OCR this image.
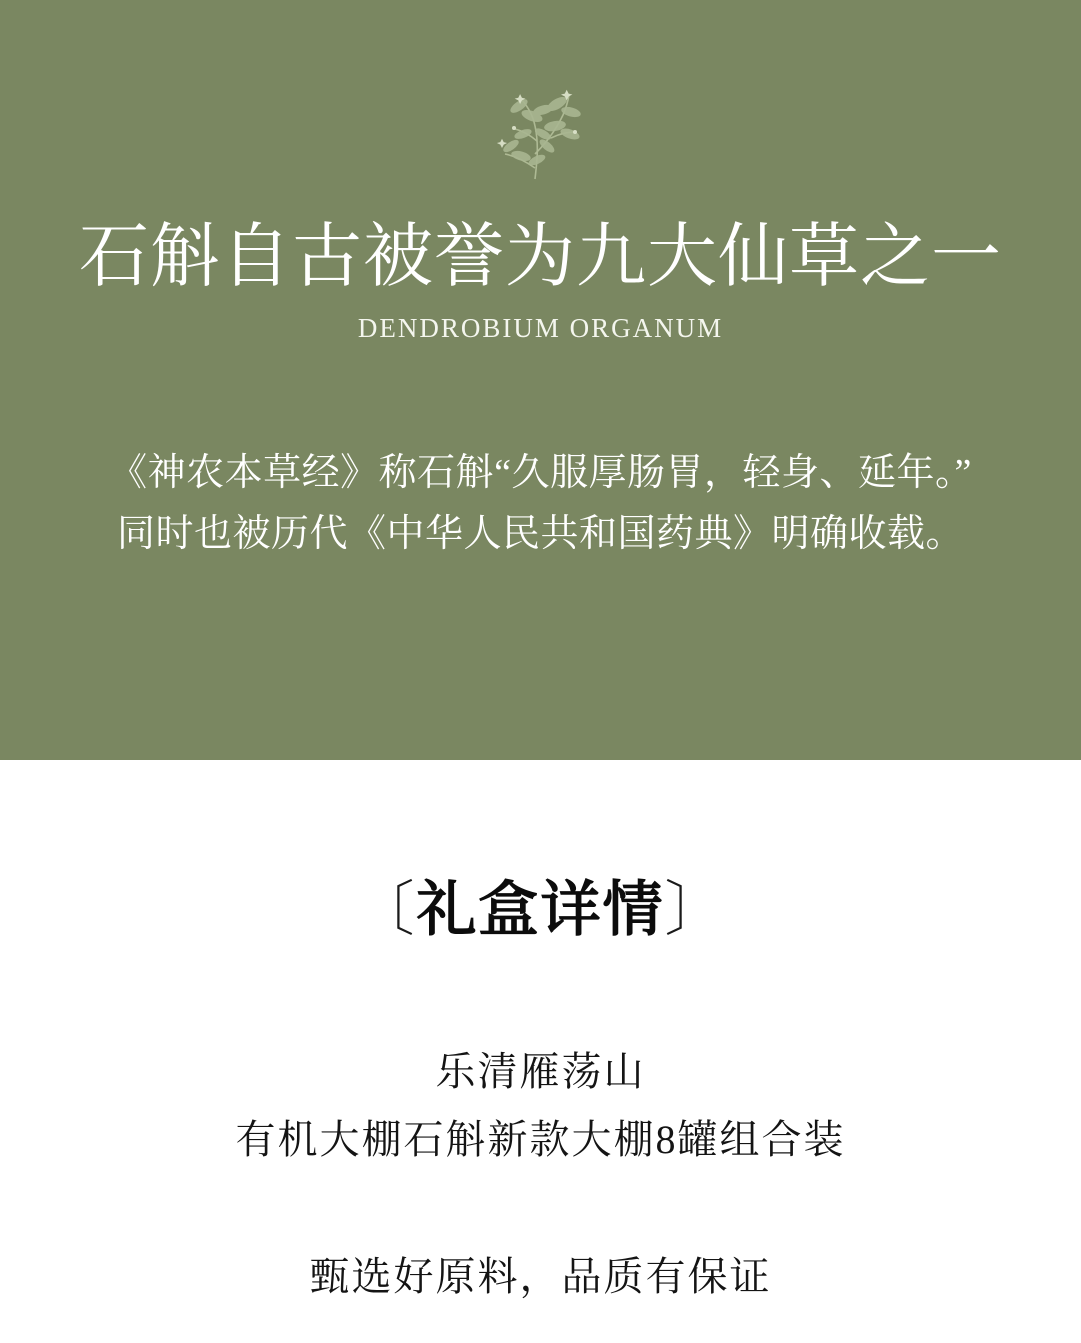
石斛自古被誉为九大仙草之一
DENDROBIUM ORGANUM

《神农本草经》称石斛“久服厚肠胃，轻身、延年。”

同时也被历代《中华人民共和国药典》明确收载。

〔礼盒详情〕

乐清雁荡山

有机大棚石斛新款大棚8罐组合装

甄选好原料，品质有保证
